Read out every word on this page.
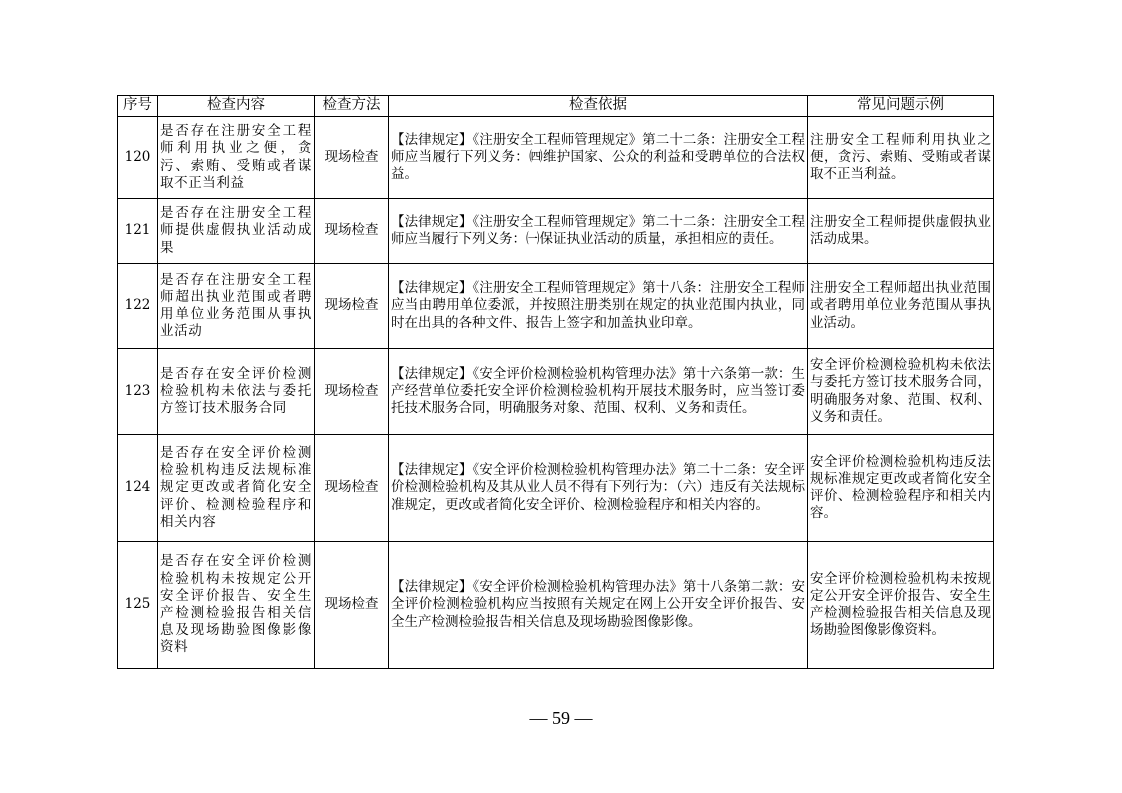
序号	检查内容	检查方法	检查依据	常见问题示例
120	是否存在注册安全工程师利用执业之便，贪污、索贿、受贿或者谋取不正当利益	现场检查	【法律规定】《注册安全工程师管理规定》第二十二条：注册安全工程师应当履行下列义务：㈣维护国家、公众的利益和受聘单位的合法权益。	注册安全工程师利用执业之便，贪污、索贿、受贿或者谋取不正当利益。
121	是否存在注册安全工程师提供虚假执业活动成果	现场检查	【法律规定】《注册安全工程师管理规定》第二十二条：注册安全工程师应当履行下列义务：㈠保证执业活动的质量，承担相应的责任。	注册安全工程师提供虚假执业活动成果。
122	是否存在注册安全工程师超出执业范围或者聘用单位业务范围从事执业活动	现场检查	【法律规定】《注册安全工程师管理规定》第十八条：注册安全工程师应当由聘用单位委派，并按照注册类别在规定的执业范围内执业，同时在出具的各种文件、报告上签字和加盖执业印章。	注册安全工程师超出执业范围或者聘用单位业务范围从事执业活动。
123	是否存在安全评价检测检验机构未依法与委托方签订技术服务合同	现场检查	【法律规定】《安全评价检测检验机构管理办法》第十六条第一款：生产经营单位委托安全评价检测检验机构开展技术服务时，应当签订委托技术服务合同，明确服务对象、范围、权利、义务和责任。	安全评价检测检验机构未依法与委托方签订技术服务合同，明确服务对象、范围、权利、义务和责任。
124	是否存在安全评价检测检验机构违反法规标准规定更改或者简化安全评价、检测检验程序和相关内容	现场检查	【法律规定】《安全评价检测检验机构管理办法》第二十二条：安全评价检测检验机构及其从业人员不得有下列行为：（六）违反有关法规标准规定，更改或者简化安全评价、检测检验程序和相关内容的。	安全评价检测检验机构违反法规标准规定更改或者简化安全评价、检测检验程序和相关内容。
125	是否存在安全评价检测检验机构未按规定公开安全评价报告、安全生产检测检验报告相关信息及现场勘验图像影像资料	现场检查	【法律规定】《安全评价检测检验机构管理办法》第十八条第二款：安全评价检测检验机构应当按照有关规定在网上公开安全评价报告、安全生产检测检验报告相关信息及现场勘验图像影像。	安全评价检测检验机构未按规定公开安全评价报告、安全生产检测检验报告相关信息及现场勘验图像影像资料。
— 59 —
